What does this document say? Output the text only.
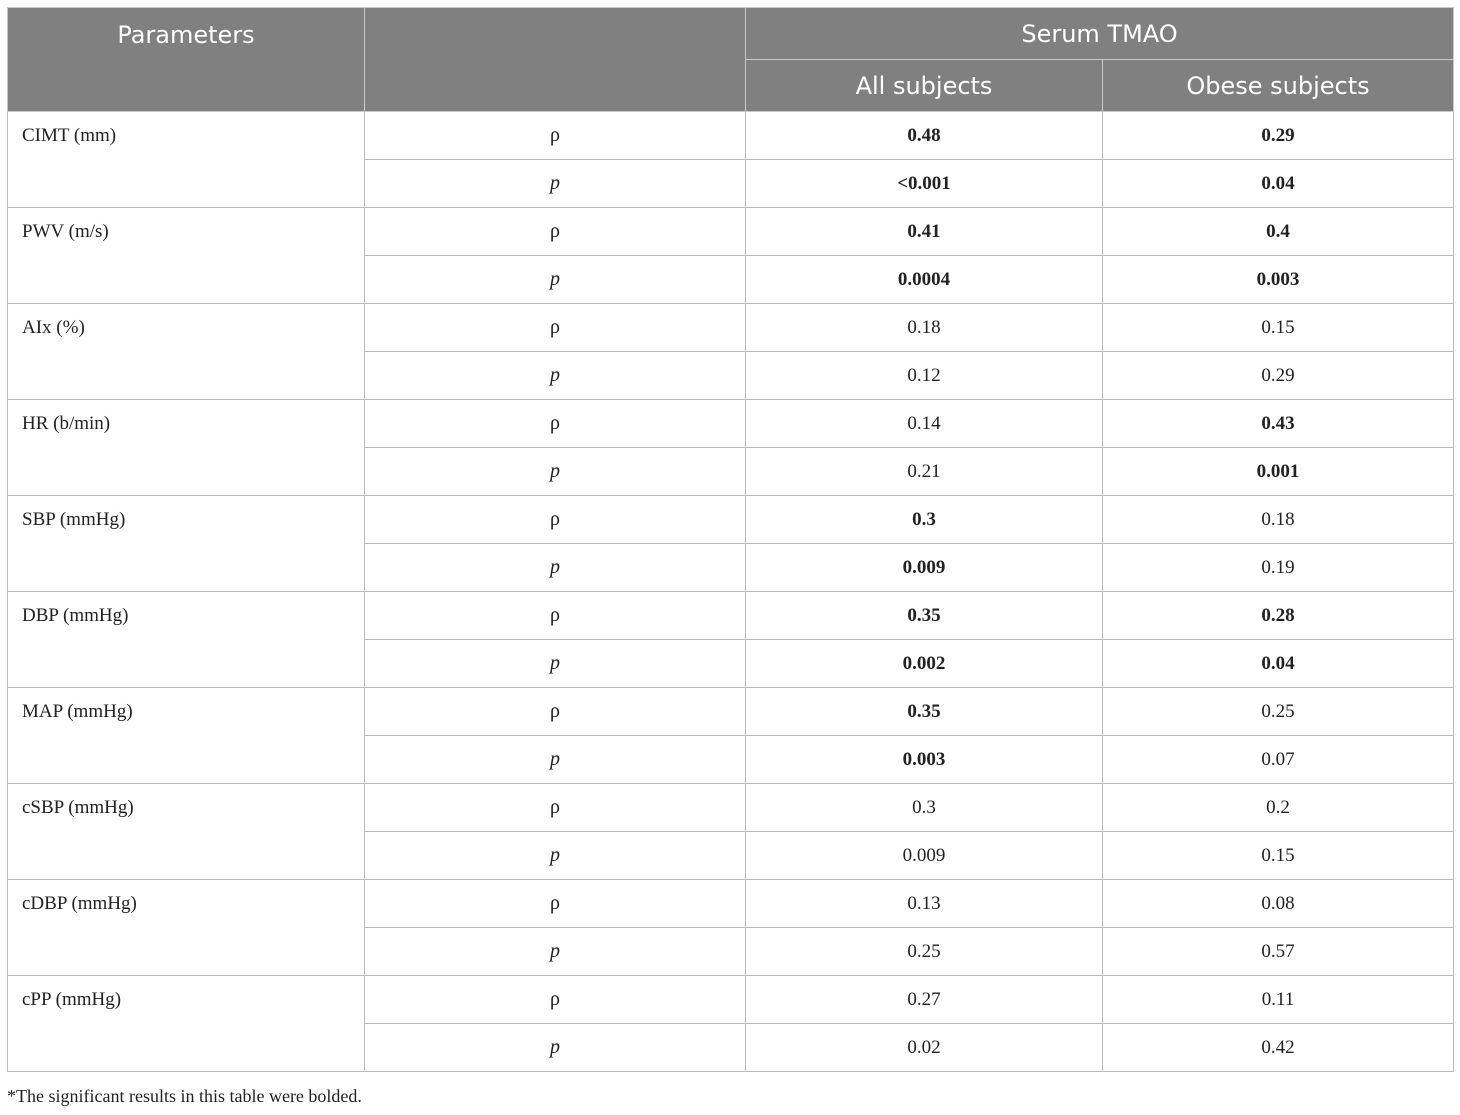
Parameters		Serum TMAO	
		All subjects	Obese subjects
CIMT (mm)	ρ	0.48	0.29
	p	<0.001	0.04
PWV (m/s)	ρ	0.41	0.4
	p	0.0004	0.003
AIx (%)	ρ	0.18	0.15
	p	0.12	0.29
HR (b/min)	ρ	0.14	0.43
	p	0.21	0.001
SBP (mmHg)	ρ	0.3	0.18
	p	0.009	0.19
DBP (mmHg)	ρ	0.35	0.28
	p	0.002	0.04
MAP (mmHg)	ρ	0.35	0.25
	p	0.003	0.07
cSBP (mmHg)	ρ	0.3	0.2
	p	0.009	0.15
cDBP (mmHg)	ρ	0.13	0.08
	p	0.25	0.57
cPP (mmHg)	ρ	0.27	0.11
	p	0.02	0.42
*The significant results in this table were bolded.
